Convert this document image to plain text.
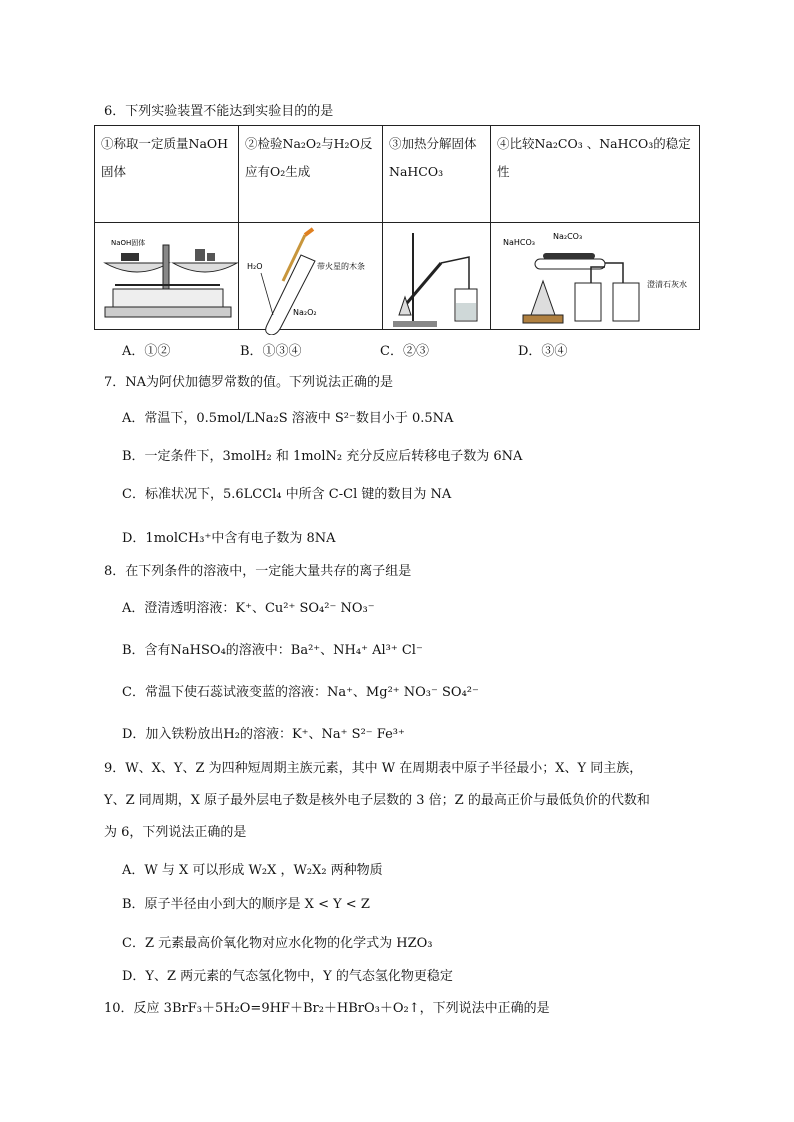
6．下列实验装置不能达到实验目的的是
①称取一定质量NaOH固体	②检验Na₂O₂与H₂O反应有O₂生成	③加热分解固体NaHCO₃	④比较Na₂CO₃ 、NaHCO₃的稳定性

NaOH固体	H₂O 带火星的木条
Na₂O₂		NaHCO₃
Na₂CO₃
澄清石灰水
A．①②	B．①③④	C．②③	D．③④
7．NA为阿伏加德罗常数的值。下列说法正确的是
A．常温下，0.5mol/LNa₂S 溶液中 S²⁻数目小于 0.5NA
B．一定条件下，3molH₂ 和 1molN₂ 充分反应后转移电子数为 6NA
C．标准状况下，5.6LCCl₄ 中所含 C-Cl 键的数目为 NA
D．1molCH₃⁺中含有电子数为 8NA
8．在下列条件的溶液中，一定能大量共存的离子组是
A．澄清透明溶液：K⁺、Cu²⁺ SO₄²⁻ NO₃⁻
B．含有NaHSO₄的溶液中：Ba²⁺、NH₄⁺ Al³⁺ Cl⁻
C．常温下使石蕊试液变蓝的溶液：Na⁺、Mg²⁺ NO₃⁻ SO₄²⁻
D．加入铁粉放出H₂的溶液：K⁺、Na⁺ S²⁻ Fe³⁺
9．W、X、Y、Z 为四种短周期主族元素，其中 W 在周期表中原子半径最小；X、Y 同主族，
Y、Z 同周期，X 原子最外层电子数是核外电子层数的 3 倍；Z 的最高正价与最低负价的代数和
为 6，下列说法正确的是
A．W 与 X 可以形成 W₂X ，W₂X₂ 两种物质
B．原子半径由小到大的顺序是 X < Y < Z
C．Z 元素最高价氧化物对应水化物的化学式为 HZO₃
D．Y、Z 两元素的气态氢化物中，Y 的气态氢化物更稳定
10．反应 3BrF₃＋5H₂O=9HF＋Br₂＋HBrO₃＋O₂↑，下列说法中正确的是
